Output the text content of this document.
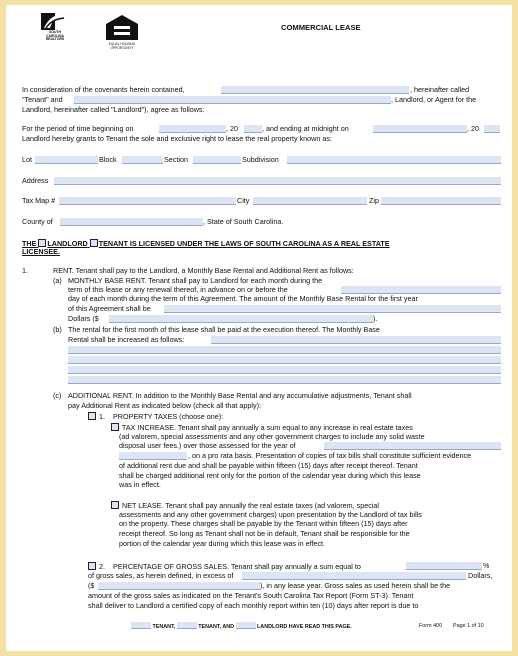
SOUTH
CAROLINA
REALTORS
EQUAL HOUSING
OPPORTUNITY
COMMERCIAL LEASE
In consideration of the covenants herein contained,	, hereinafter called
"Tenant" and	, Landlord, or Agent for the
Landlord, hereinafter called "Landlord"), agree as follows:
For the period of time beginning on	, 20	, and ending at midnight on	, 20
Landlord hereby grants to Tenant the sole and exclusive right to lease the real property known as:
Lot	Block	Section	Subdivision
Address
Tax Map #	City	Zip
County of	, State of South Carolina.
THE LANDLORD TENANT IS LICENSED UNDER THE LAWS OF SOUTH CAROLINA AS A REAL ESTATE
LICENSEE.
1.	RENT. Tenant shall pay to the Landlord, a Monthly Base Rental and Additional Rent as follows:
(a) MONTHLY BASE RENT. Tenant shall pay to Landlord for each month during the
term of this lease or any renewal thereof, in advance on or before the
day of each month during the term of this Agreement. The amount of the Monthly Base Rental for the first year
of this Agreement shall be
Dollars ($	).
(b) The rental for the first month of this lease shall be paid at the execution thereof. The Monthly Base
Rental shall be increased as follows:
(c) ADDITIONAL RENT. In addition to the Monthly Base Rental and any accumulative adjustments, Tenant shall
pay Additional Rent as indicated below (check all that apply):
1. PROPERTY TAXES (choose one):
TAX INCREASE. Tenant shall pay annually a sum equal to any increase in real estate taxes
(ad valorem, special assessments and any other government charges to include any solid waste
disposal user fees.) over those assessed for the year of
, on a pro rata basis. Presentation of copies of tax bills shall constitute sufficient evidence
of additional rent due and shall be payable within fifteen (15) days after receipt thereof. Tenant
shall be charged additional rent only for the portion of the calendar year during which this lease
was in effect.
NET LEASE. Tenant shall pay annually the real estate taxes (ad valorem, special
assessments and any other government charges) upon presentation by the Landlord of tax bills
on the property. These charges shall be payable by the Tenant within fifteen (15) days after
receipt thereof. So long as Tenant shall not be in default, Tenant shall be responsible for the
portion of the calendar year during which this lease was in effect.
2. PERCENTAGE OF GROSS SALES. Tenant shall pay annually a sum equal to	%
of gross sales, as herein defined, in excess of	Dollars,
($	), in any lease year. Gross sales as used herein shall be the
amount of the gross sales as indicated on the Tenant's South Carolina Tax Report (Form ST-3). Tenant
shall deliver to Landlord a certified copy of each monthly report within ten (10) days after report is due to
TENANT,	TENANT, AND	LANDLORD HAVE READ THIS PAGE.	Form 400 Page 1 of 10
